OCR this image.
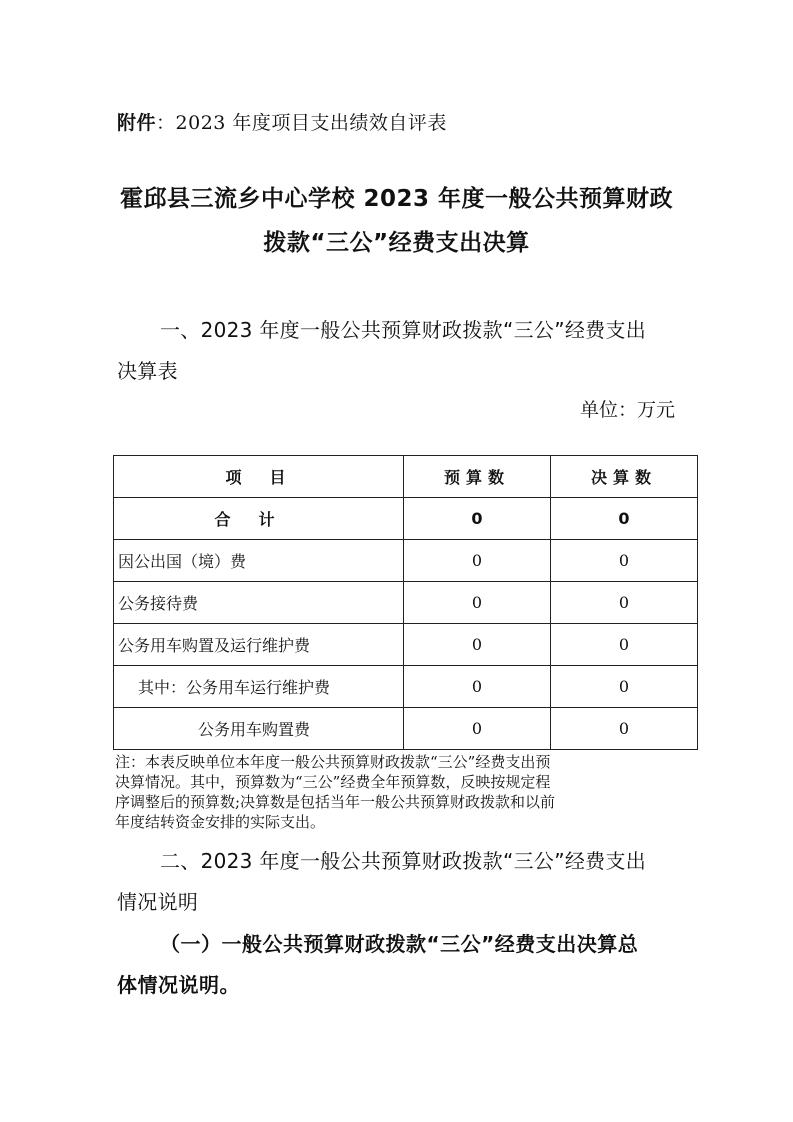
附件：2023 年度项目支出绩效自评表
霍邱县三流乡中心学校 2023 年度一般公共预算财政
拨款“三公”经费支出决算
一、2023 年度一般公共预算财政拨款“三公”经费支出
决算表
单位：万元
项　目	预算数	决算数
合计	0	0
因公出国（境）费	0	0
公务接待费	0	0
公务用车购置及运行维护费	0	0
其中：公务用车运行维护费	0	0
公务用车购置费	0	0
注：本表反映单位本年度一般公共预算财政拨款“三公”经费支出预
决算情况。其中，预算数为“三公”经费全年预算数，反映按规定程
序调整后的预算数;决算数是包括当年一般公共预算财政拨款和以前
年度结转资金安排的实际支出。
二、2023 年度一般公共预算财政拨款“三公”经费支出
情况说明
（一）一般公共预算财政拨款“三公”经费支出决算总
体情况说明。
